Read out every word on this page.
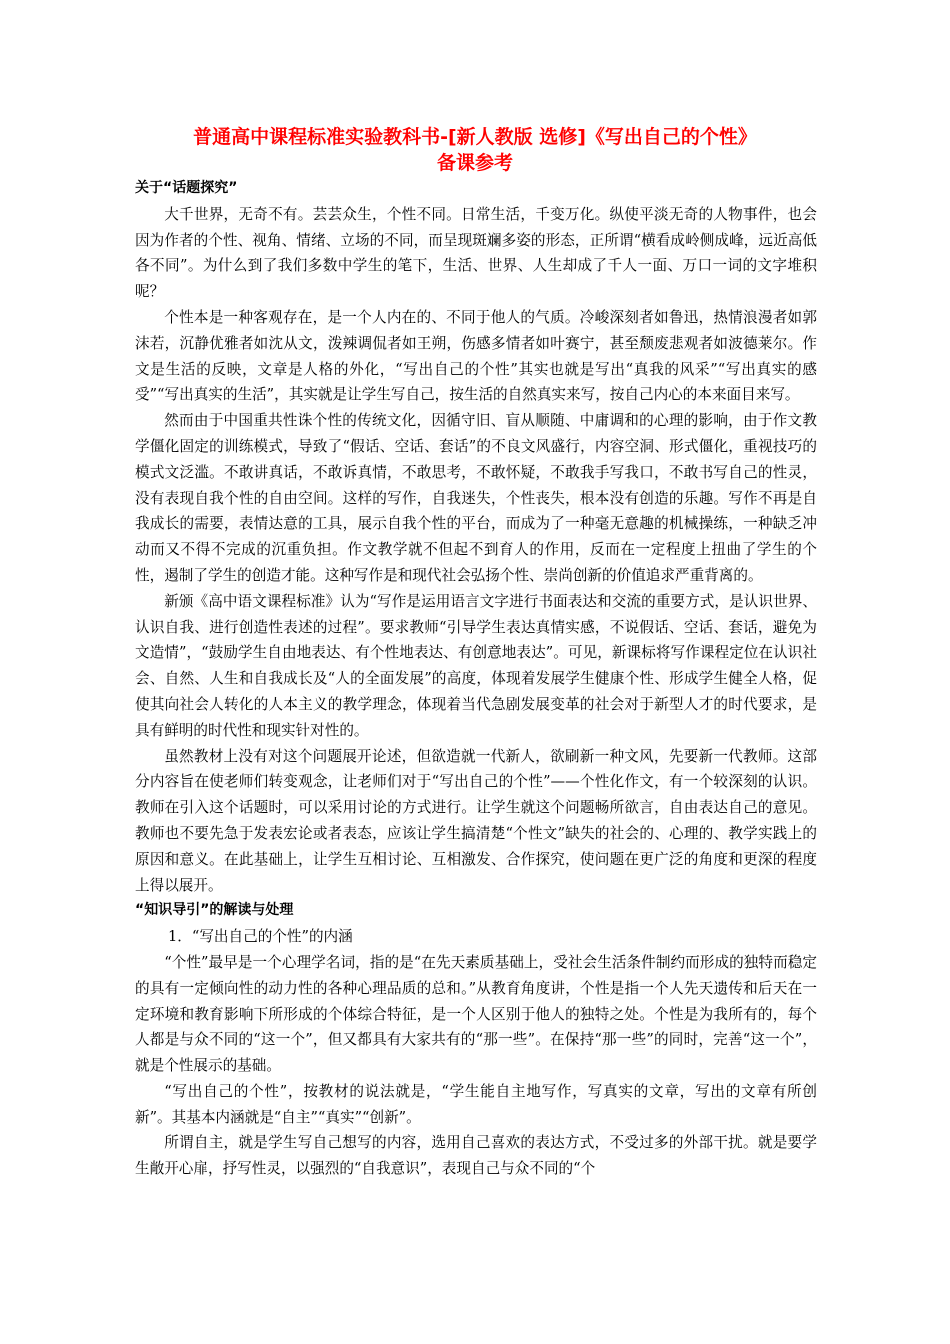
普通高中课程标准实验教科书-[新人教版 选修]《写出自己的个性》
备课参考

关于“话题探究”

大千世界，无奇不有。芸芸众生，个性不同。日常生活，千变万化。纵使平淡无奇的人物事件，也会因为作者的个性、视角、情绪、立场的不同，而呈现斑斓多姿的形态，正所谓“横看成岭侧成峰，远近高低各不同”。为什么到了我们多数中学生的笔下，生活、世界、人生却成了千人一面、万口一词的文字堆积呢？

个性本是一种客观存在，是一个人内在的、不同于他人的气质。冷峻深刻者如鲁迅，热情浪漫者如郭沫若，沉静优雅者如沈从文，泼辣调侃者如王朔，伤感多情者如叶赛宁，甚至颓废悲观者如波德莱尔。作文是生活的反映，文章是人格的外化，“写出自己的个性”其实也就是写出“真我的风采”“写出真实的感受”“写出真实的生活”，其实就是让学生写自己，按生活的自然真实来写，按自己内心的本来面目来写。

然而由于中国重共性诛个性的传统文化，因循守旧、盲从顺随、中庸调和的心理的影响，由于作文教学僵化固定的训练模式，导致了“假话、空话、套话”的不良文风盛行，内容空洞、形式僵化，重视技巧的模式文泛滥。不敢讲真话，不敢诉真情，不敢思考，不敢怀疑，不敢我手写我口，不敢书写自己的性灵，没有表现自我个性的自由空间。这样的写作，自我迷失，个性丧失，根本没有创造的乐趣。写作不再是自我成长的需要，表情达意的工具，展示自我个性的平台，而成为了一种毫无意趣的机械操练，一种缺乏冲动而又不得不完成的沉重负担。作文教学就不但起不到育人的作用，反而在一定程度上扭曲了学生的个性，遏制了学生的创造才能。这种写作是和现代社会弘扬个性、崇尚创新的价值追求严重背离的。

新颁《高中语文课程标准》认为“写作是运用语言文字进行书面表达和交流的重要方式，是认识世界、认识自我、进行创造性表述的过程”。要求教师“引导学生表达真情实感，不说假话、空话、套话，避免为文造情”，“鼓励学生自由地表达、有个性地表达、有创意地表达”。可见，新课标将写作课程定位在认识社会、自然、人生和自我成长及“人的全面发展”的高度，体现着发展学生健康个性、形成学生健全人格，促使其向社会人转化的人本主义的教学理念，体现着当代急剧发展变革的社会对于新型人才的时代要求，是具有鲜明的时代性和现实针对性的。

虽然教材上没有对这个问题展开论述，但欲造就一代新人，欲刷新一种文风，先要新一代教师。这部分内容旨在使老师们转变观念，让老师们对于“写出自己的个性”——个性化作文，有一个较深刻的认识。教师在引入这个话题时，可以采用讨论的方式进行。让学生就这个问题畅所欲言，自由表达自己的意见。教师也不要先急于发表宏论或者表态，应该让学生搞清楚“个性文”缺失的社会的、心理的、教学实践上的原因和意义。在此基础上，让学生互相讨论、互相激发、合作探究，使问题在更广泛的角度和更深的程度上得以展开。

“知识导引”的解读与处理

1．“写出自己的个性”的内涵

“个性”最早是一个心理学名词，指的是“在先天素质基础上，受社会生活条件制约而形成的独特而稳定的具有一定倾向性的动力性的各种心理品质的总和。”从教育角度讲，个性是指一个人先天遗传和后天在一定环境和教育影响下所形成的个体综合特征，是一个人区别于他人的独特之处。个性是为我所有的，每个人都是与众不同的“这一个”，但又都具有大家共有的“那一些”。在保持“那一些”的同时，完善“这一个”，就是个性展示的基础。

“写出自己的个性”，按教材的说法就是，“学生能自主地写作，写真实的文章，写出的文章有所创新”。其基本内涵就是“自主”“真实”“创新”。

所谓自主，就是学生写自己想写的内容，选用自己喜欢的表达方式，不受过多的外部干扰。就是要学生敞开心扉，抒写性灵，以强烈的“自我意识”，表现自己与众不同的“个
